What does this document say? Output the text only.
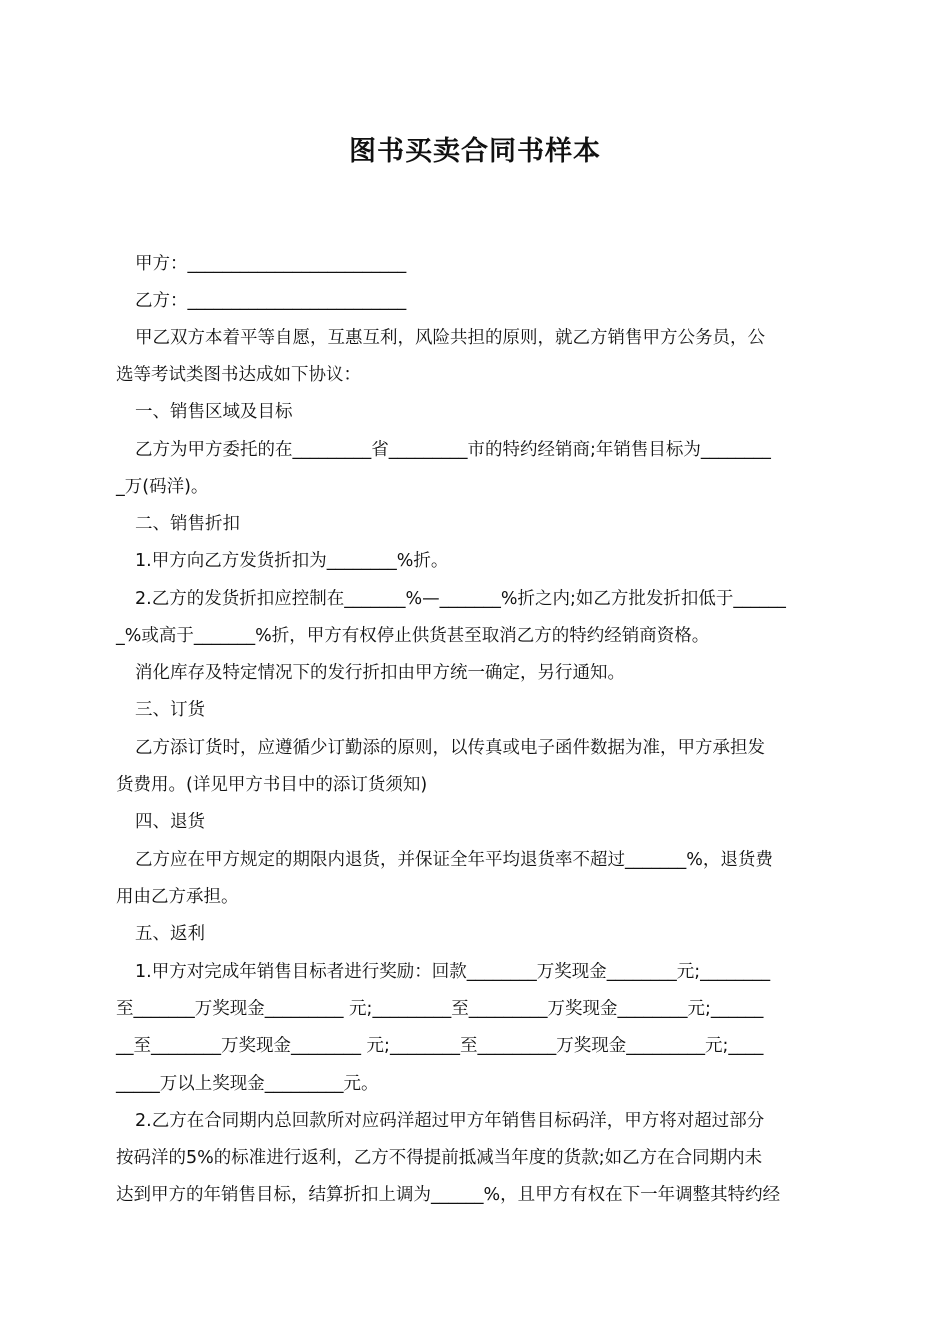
图书买卖合同书样本
甲方：_________________________
乙方：_________________________
甲乙双方本着平等自愿，互惠互利，风险共担的原则，就乙方销售甲方公务员，公
选等考试类图书达成如下协议：
一、销售区域及目标
乙方为甲方委托的在_________省_________市的特约经销商;年销售目标为________
_万(码洋)。
二、销售折扣
1.甲方向乙方发货折扣为________%折。
2.乙方的发货折扣应控制在_______%—_______%折之内;如乙方批发折扣低于______
_%或高于_______%折，甲方有权停止供货甚至取消乙方的特约经销商资格。
消化库存及特定情况下的发行折扣由甲方统一确定，另行通知。
三、订货
乙方添订货时，应遵循少订勤添的原则，以传真或电子函件数据为准，甲方承担发
货费用。(详见甲方书目中的添订货须知)
四、退货
乙方应在甲方规定的期限内退货，并保证全年平均退货率不超过_______%，退货费
用由乙方承担。
五、返利
1.甲方对完成年销售目标者进行奖励：回款________万奖现金________元;________
至_______万奖现金_________ 元;_________至_________万奖现金________元;______
__至________万奖现金________ 元;________至_________万奖现金_________元;____
_____万以上奖现金_________元。
2.乙方在合同期内总回款所对应码洋超过甲方年销售目标码洋，甲方将对超过部分
按码洋的5%的标准进行返利，乙方不得提前抵减当年度的货款;如乙方在合同期内未
达到甲方的年销售目标，结算折扣上调为______%，且甲方有权在下一年调整其特约经
